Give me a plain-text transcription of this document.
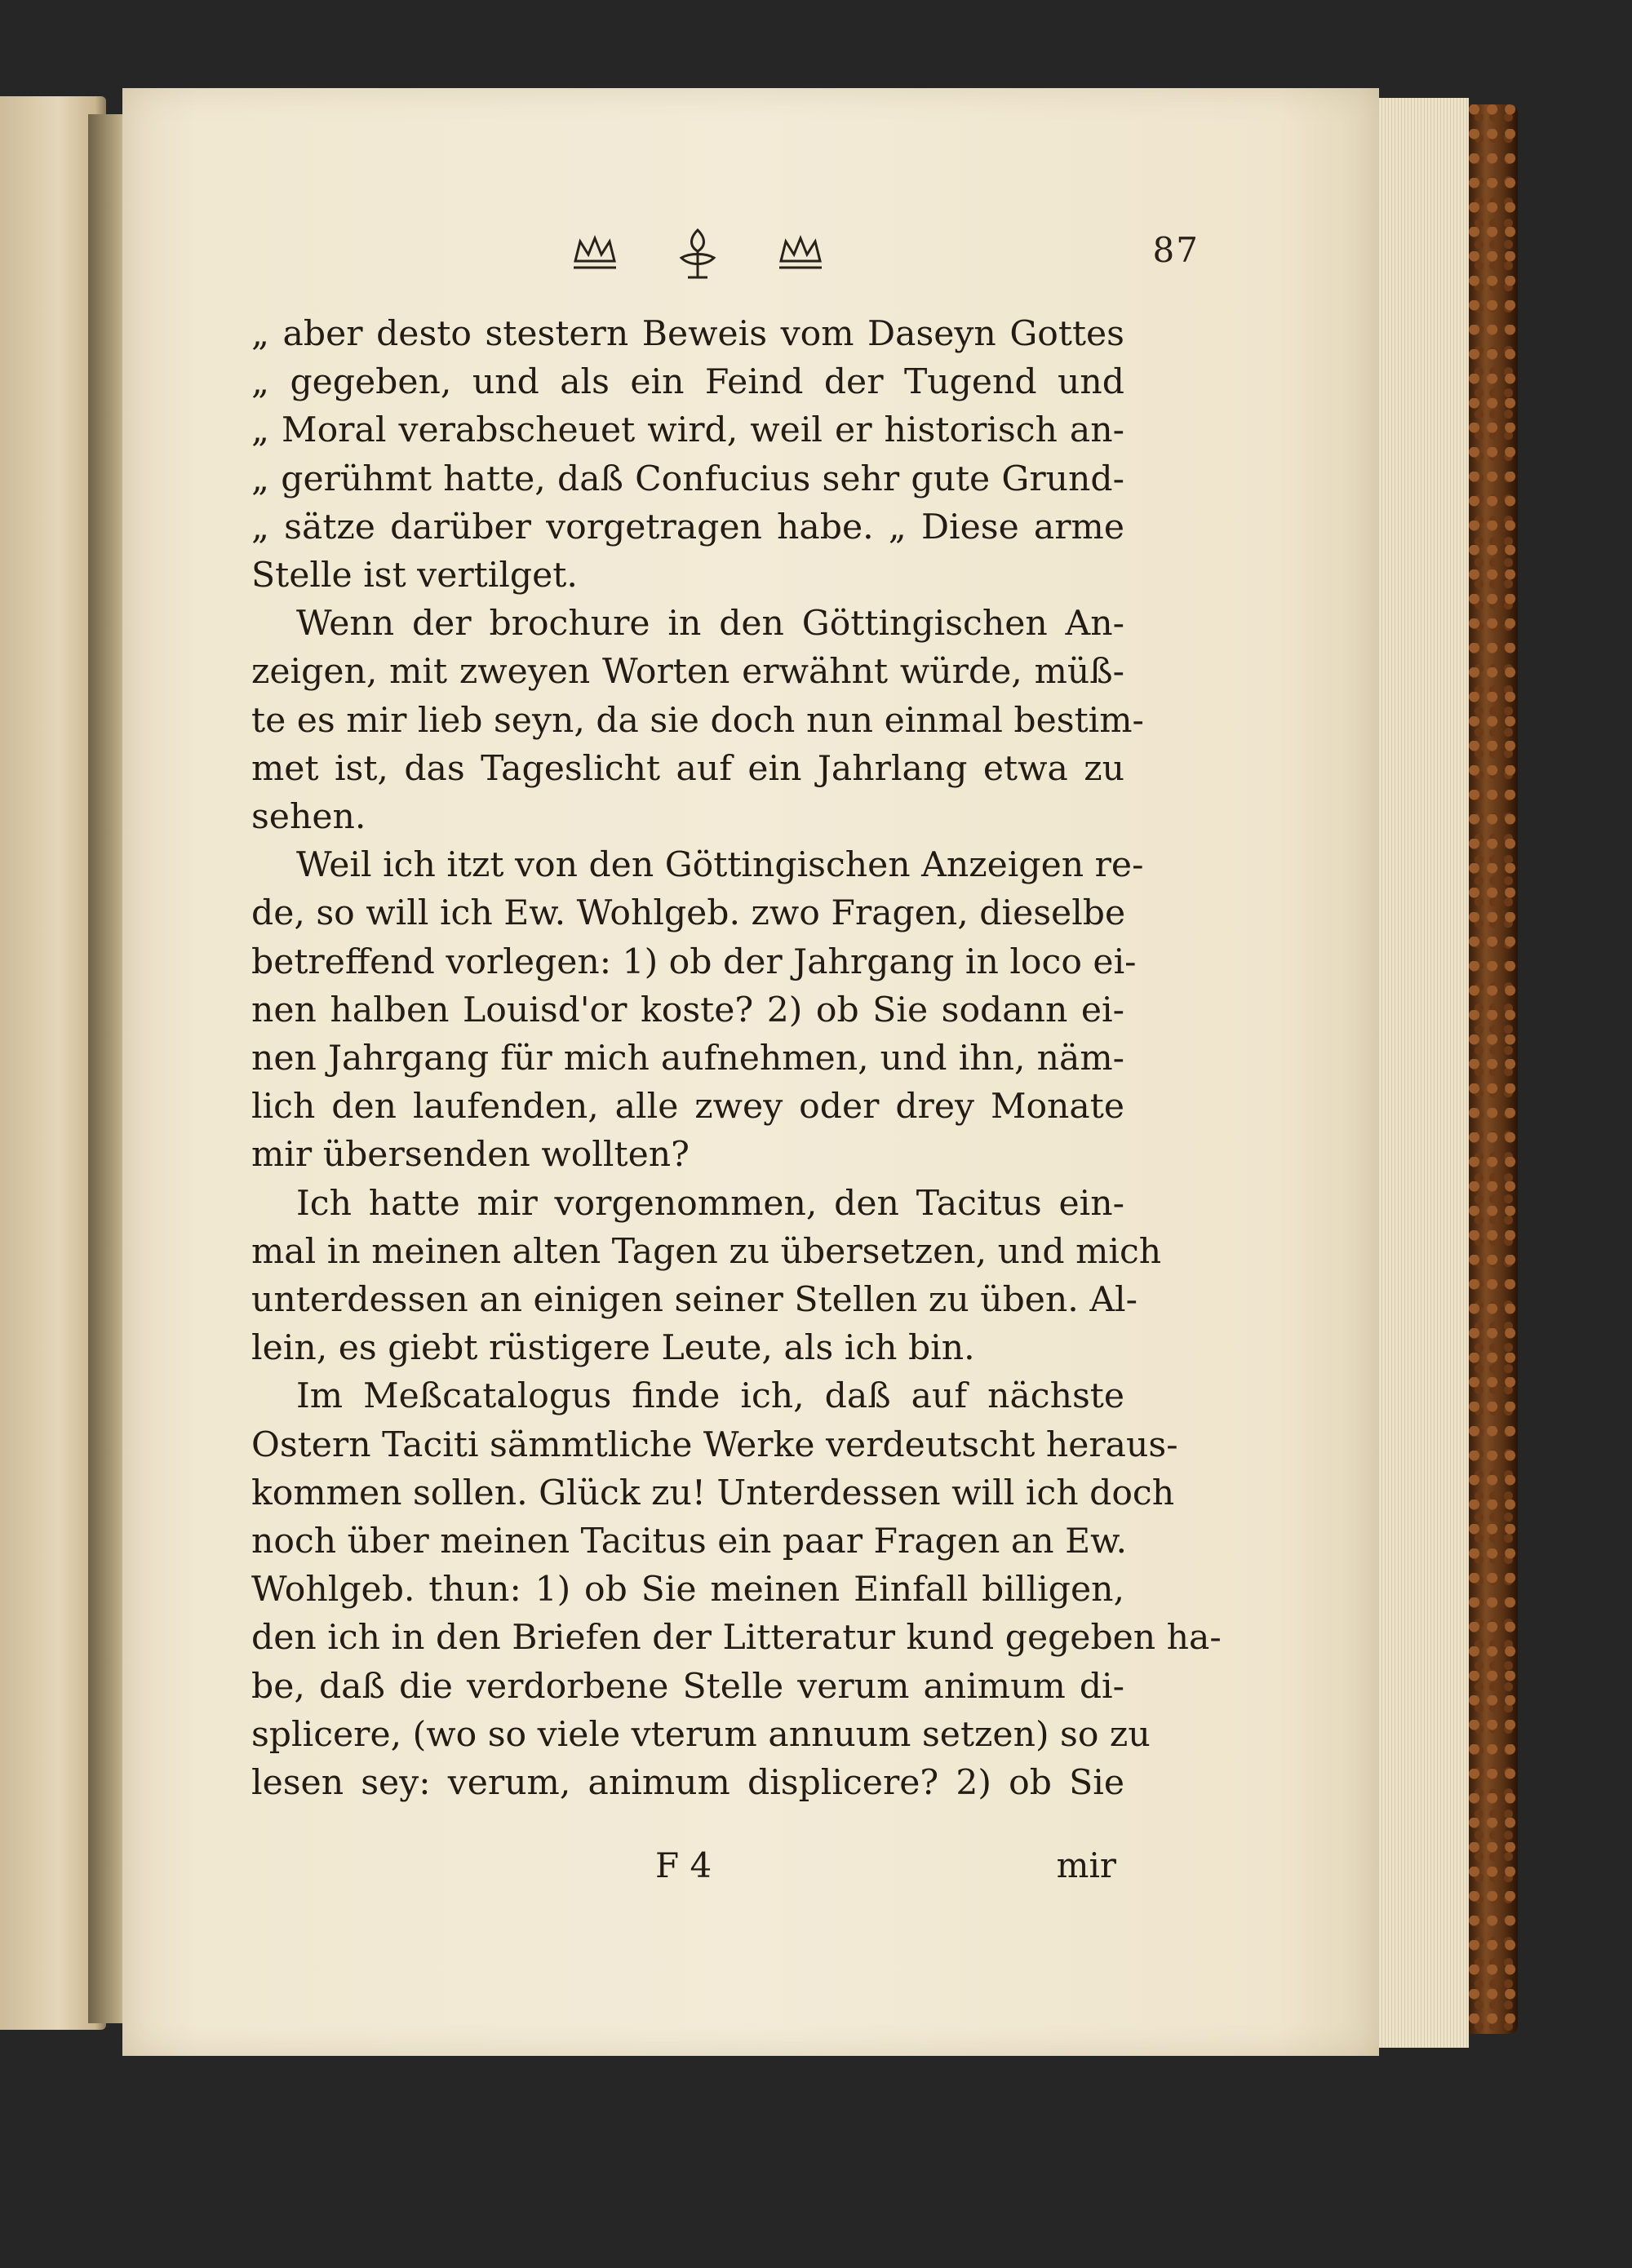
87
„ aber desto stestern Beweis vom Daseyn Gottes
„ gegeben, und als ein Feind der Tugend und
„ Moral verabscheuet wird, weil er historisch an-
„ gerühmt hatte, daß Confucius sehr gute Grund-
„ sätze darüber vorgetragen habe. „ Diese arme
Stelle ist vertilget.
Wenn der brochure in den Göttingischen An-
zeigen, mit zweyen Worten erwähnt würde, müß-
te es mir lieb seyn, da sie doch nun einmal bestim-
met ist, das Tageslicht auf ein Jahrlang etwa zu
sehen.
Weil ich itzt von den Göttingischen Anzeigen re-
de, so will ich Ew. Wohlgeb. zwo Fragen, dieselbe
betreffend vorlegen: 1) ob der Jahrgang in loco ei-
nen halben Louisd'or koste? 2) ob Sie sodann ei-
nen Jahrgang für mich aufnehmen, und ihn, näm-
lich den laufenden, alle zwey oder drey Monate
mir übersenden wollten?
Ich hatte mir vorgenommen, den Tacitus ein-
mal in meinen alten Tagen zu übersetzen, und mich
unterdessen an einigen seiner Stellen zu üben. Al-
lein, es giebt rüstigere Leute, als ich bin.
Im Meßcatalogus finde ich, daß auf nächste
Ostern Taciti sämmtliche Werke verdeutscht heraus-
kommen sollen. Glück zu! Unterdessen will ich doch
noch über meinen Tacitus ein paar Fragen an Ew.
Wohlgeb. thun: 1) ob Sie meinen Einfall billigen,
den ich in den Briefen der Litteratur kund gegeben ha-
be, daß die verdorbene Stelle verum animum di-
splicere, (wo so viele vterum annuum setzen) so zu
lesen sey: verum, animum displicere? 2) ob Sie
F 4	mir
